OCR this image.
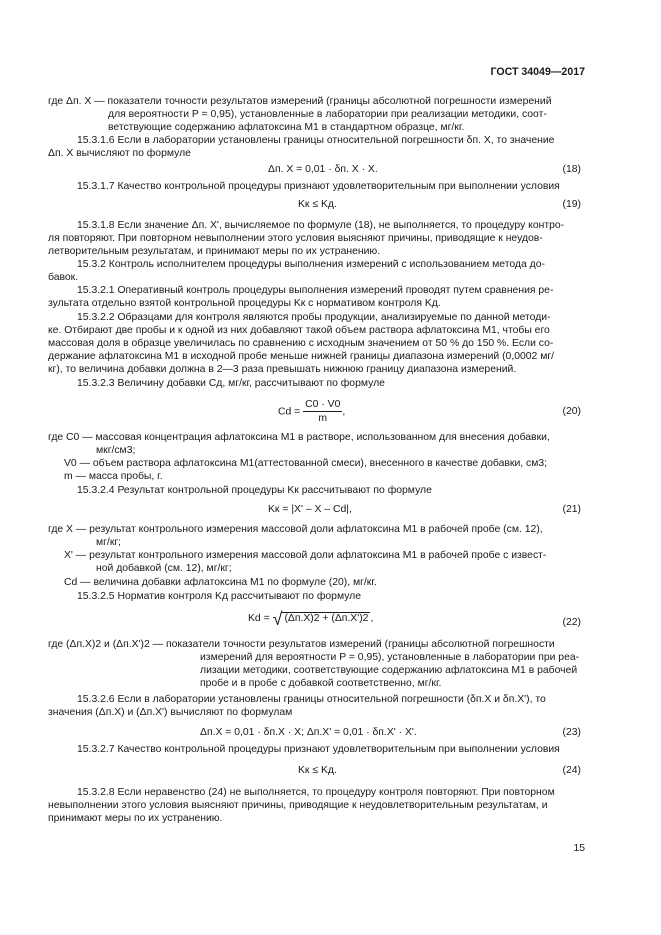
ГОСТ 34049—2017
где Δп. X — показатели точности результатов измерений (границы абсолютной погрешности измерений
для вероятности P = 0,95), установленные в лаборатории при реализации методики, соот-
ветствующие содержанию афлатоксина M1 в стандартном образце, мг/кг.
15.3.1.6 Если в лаборатории установлены границы относительной погрешности δп. X, то значение
Δп. X вычисляют по формуле
Δп. X = 0,01 · δп. X · X.	(18)
15.3.1.7 Качество контрольной процедуры признают удовлетворительным при выполнении условия
Kк ≤ Kд.	(19)
15.3.1.8 Если значение Δп. X', вычисляемое по формуле (18), не выполняется, то процедуру контро-
ля повторяют. При повторном невыполнении этого условия выясняют причины, приводящие к неудов-
летворительным результатам, и принимают меры по их устранению.
15.3.2 Контроль исполнителем процедуры выполнения измерений с использованием метода до-
бавок.
15.3.2.1 Оперативный контроль процедуры выполнения измерений проводят путем сравнения ре-
зультата отдельно взятой контрольной процедуры Kк с нормативом контроля Kд.
15.3.2.2 Образцами для контроля являются пробы продукции, анализируемые по данной методи-
ке. Отбирают две пробы и к одной из них добавляют такой объем раствора афлатоксина M1, чтобы его
массовая доля в образце увеличилась по сравнению с исходным значением от 50 % до 150 %. Если со-
держание афлатоксина M1 в исходной пробе меньше нижней границы диапазона измерений (0,0002 мг/
кг), то величина добавки должна в 2—3 раза превышать нижнюю границу диапазона измерений.
15.3.2.3 Величину добавки Cд, мг/кг, рассчитывают по формуле
$Cd = \frac{C0 \cdot V0}{m}$ ,	(20)
где C0 — массовая концентрация афлатоксина M1 в растворе, использованном для внесения добавки,
мкг/см3;
V0 — объем раствора афлатоксина M1(аттестованной смеси), внесенного в качестве добавки, см3;
m — масса пробы, г.
15.3.2.4 Результат контрольной процедуры Kк рассчитывают по формуле
Kк = |X' – X – Cd|,	(21)
где X — результат контрольного измерения массовой доли афлатоксина M1 в рабочей пробе (см. 12),
мг/кг;
X' — результат контрольного измерения массовой доли афлатоксина M1 в рабочей пробе с извест-
ной добавкой (см. 12), мг/кг;
Cd — величина добавки афлатоксина M1 по формуле (20), мг/кг.
15.3.2.5 Норматив контроля Kд рассчитывают по формуле
Kd = √ (Δп.X)2 + (Δп.X')2 ,	(22)
где (Δп.X)2 и (Δп.X')2 — показатели точности результатов измерений (границы абсолютной погрешности
измерений для вероятности P = 0,95), установленные в лаборатории при реа-
лизации методики, соответствующие содержанию афлатоксина M1 в рабочей
пробе и в пробе с добавкой соответственно, мг/кг.
15.3.2.6 Если в лаборатории установлены границы относительной погрешности (δп.X и δп.X'), то
значения (Δп.X) и (Δп.X') вычисляют по формулам
Δп.X = 0,01 · δп.X · X; Δп.X' = 0,01 · δп.X' · X'.	(23)
15.3.2.7 Качество контрольной процедуры признают удовлетворительным при выполнении условия
Kк ≤ Kд.	(24)
15.3.2.8 Если неравенство (24) не выполняется, то процедуру контроля повторяют. При повторном
невыполнении этого условия выясняют причины, приводящие к неудовлетворительным результатам, и
принимают меры по их устранению.
15
